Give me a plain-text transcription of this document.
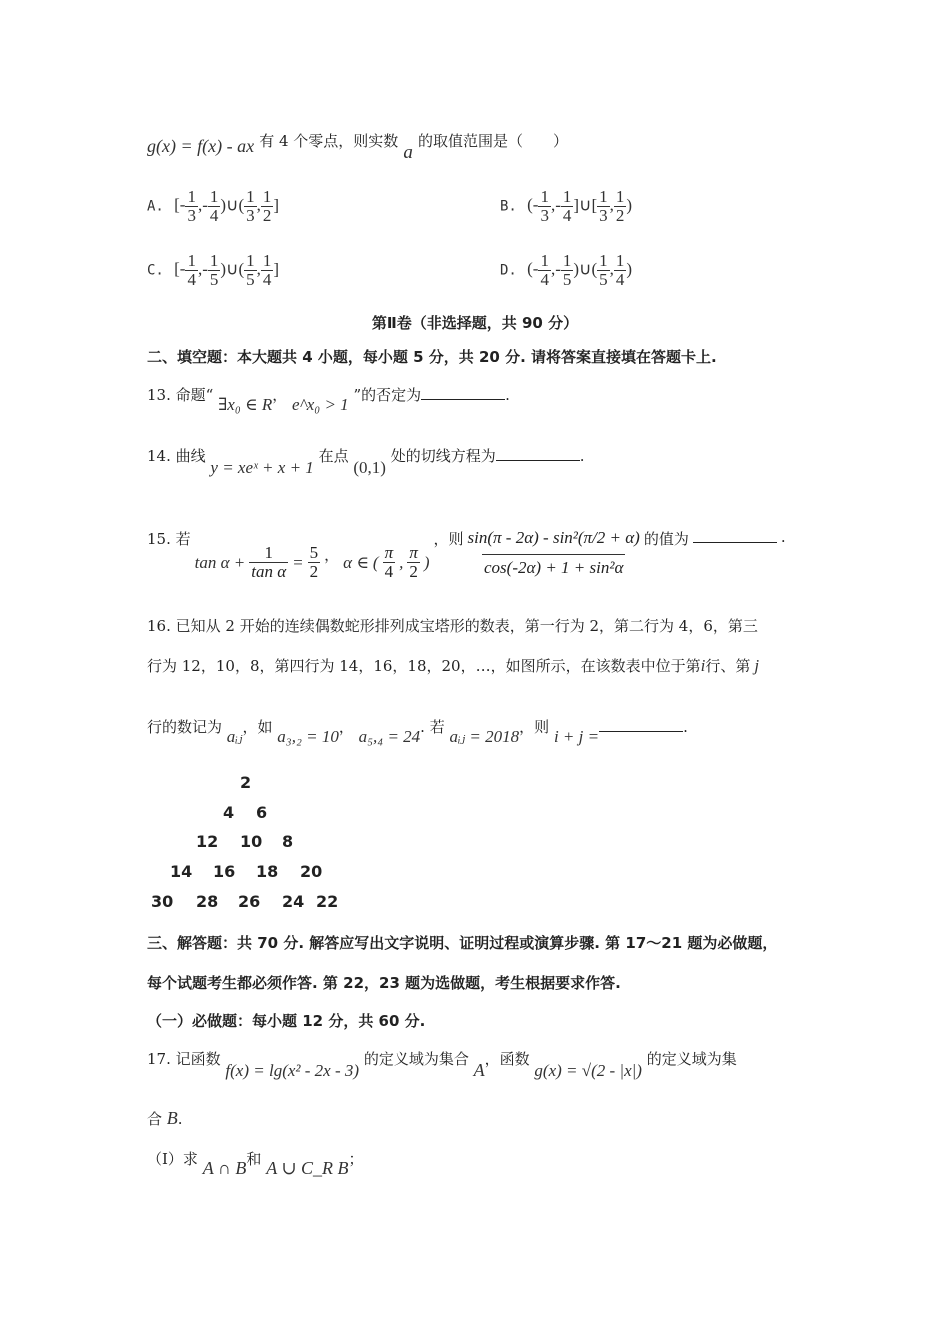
g(x) = f(x) - ax 有 4 个零点，则实数 a 的取值范围是（　　）
A. [- $\frac{1}{3}$ ,- $\frac{1}{4}$ )∪( $\frac{1}{3}$ , $\frac{1}{2}$ ]	B. (- $\frac{1}{3}$ ,- $\frac{1}{4}$ ]∪[ $\frac{1}{3}$ , $\frac{1}{2}$ )
C. [- $\frac{1}{4}$ ,- $\frac{1}{5}$ )∪( $\frac{1}{5}$ , $\frac{1}{4}$ ]	D. (- $\frac{1}{4}$ ,- $\frac{1}{5}$ )∪( $\frac{1}{5}$ , $\frac{1}{4}$ )
第Ⅱ卷（非选择题，共 90 分）
二、填空题：本大题共 4 小题，每小题 5 分，共 20 分. 请将答案直接填在答题卡上.
13. 命题“ ∃x₀ ∈ R， e^x₀ > 1 ”的否定为	.
14. 曲线 y = xeˣ + x + 1 在点 (0,1) 处的切线方程为	.
15. 若
$\tan \alpha + \frac{1}{\text{tan α}} = \frac{5}{2}$ ， α ∈ ( $\frac{\pi}{4}$ , $\frac{\pi}{2}$ )
，则 $\frac{\text{sin(π - 2α) - sin²(π/2 + α)}}{\text{cos(-2α) + 1 + sin²α}}$ 的值为	.
16. 已知从 2 开始的连续偶数蛇形排列成宝塔形的数表，第一行为 2，第二行为 4，6，第三
行为 12，10，8，第四行为 14，16，18，20，…，如图所示，在该数表中位于第i行、第 j
行的数记为 aᵢⱼ，如 a₃,₂ = 10， a₅,₄ = 24. 若 aᵢⱼ = 2018，则 i + j =	.
2
4 6
12 10 8
14 16 18 20
30 28 26 24 22
三、解答题：共 70 分. 解答应写出文字说明、证明过程或演算步骤. 第 17～21 题为必做题，
每个试题考生都必须作答. 第 22，23 题为选做题，考生根据要求作答.
（一）必做题：每小题 12 分，共 60 分.
17. 记函数 f(x) = lg(x² - 2x - 3) 的定义域为集合 A，函数 g(x) = √(2 - |x|) 的定义域为集
合 B.
（Ⅰ）求 A ∩ B和 A ∪ C_R B；
